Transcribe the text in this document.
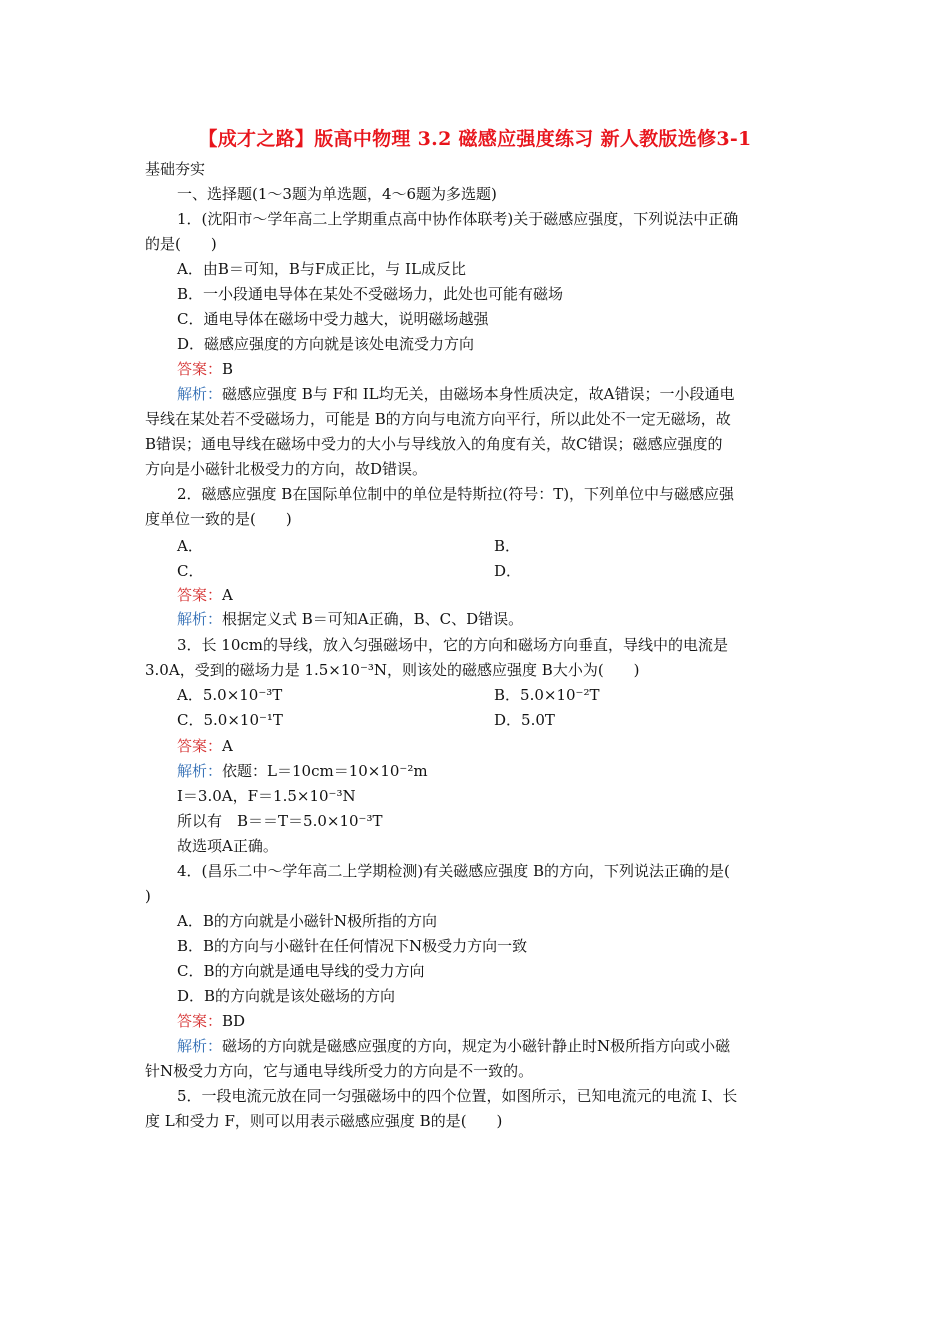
【成才之路】版高中物理 3.2 磁感应强度练习 新人教版选修3-1
基础夯实
一、选择题(1～3题为单选题，4～6题为多选题)
1．(沈阳市～学年高二上学期重点高中协作体联考)关于磁感应强度，下列说法中正确
的是(　　)
A．由B＝可知，B与F成正比，与 IL成反比
B．一小段通电导体在某处不受磁场力，此处也可能有磁场
C．通电导体在磁场中受力越大，说明磁场越强
D．磁感应强度的方向就是该处电流受力方向
答案：B
解析：磁感应强度 B与 F和 IL均无关，由磁场本身性质决定，故A错误；一小段通电
导线在某处若不受磁场力，可能是 B的方向与电流方向平行，所以此处不一定无磁场，故
B错误；通电导线在磁场中受力的大小与导线放入的角度有关，故C错误；磁感应强度的
方向是小磁针北极受力的方向，故D错误。
2．磁感应强度 B在国际单位制中的单位是特斯拉(符号：T)，下列单位中与磁感应强
度单位一致的是(　　)
A．	B．
C．	D．
答案：A
解析：根据定义式 B＝可知A正确，B、C、D错误。
3．长 10cm的导线，放入匀强磁场中，它的方向和磁场方向垂直，导线中的电流是
3.0A，受到的磁场力是 1.5×10⁻³N，则该处的磁感应强度 B大小为(　　)
A．5.0×10⁻³T	B．5.0×10⁻²T
C．5.0×10⁻¹T	D．5.0T
答案：A
解析：依题：L＝10cm＝10×10⁻²m
I＝3.0A，F＝1.5×10⁻³N
所以有　B＝＝T＝5.0×10⁻³T
故选项A正确。
4．(昌乐二中～学年高二上学期检测)有关磁感应强度 B的方向，下列说法正确的是(
)
A．B的方向就是小磁针N极所指的方向
B．B的方向与小磁针在任何情况下N极受力方向一致
C．B的方向就是通电导线的受力方向
D．B的方向就是该处磁场的方向
答案：BD
解析：磁场的方向就是磁感应强度的方向，规定为小磁针静止时N极所指方向或小磁
针N极受力方向，它与通电导线所受力的方向是不一致的。
5．一段电流元放在同一匀强磁场中的四个位置，如图所示，已知电流元的电流 I、长
度 L和受力 F，则可以用表示磁感应强度 B的是(　　)
